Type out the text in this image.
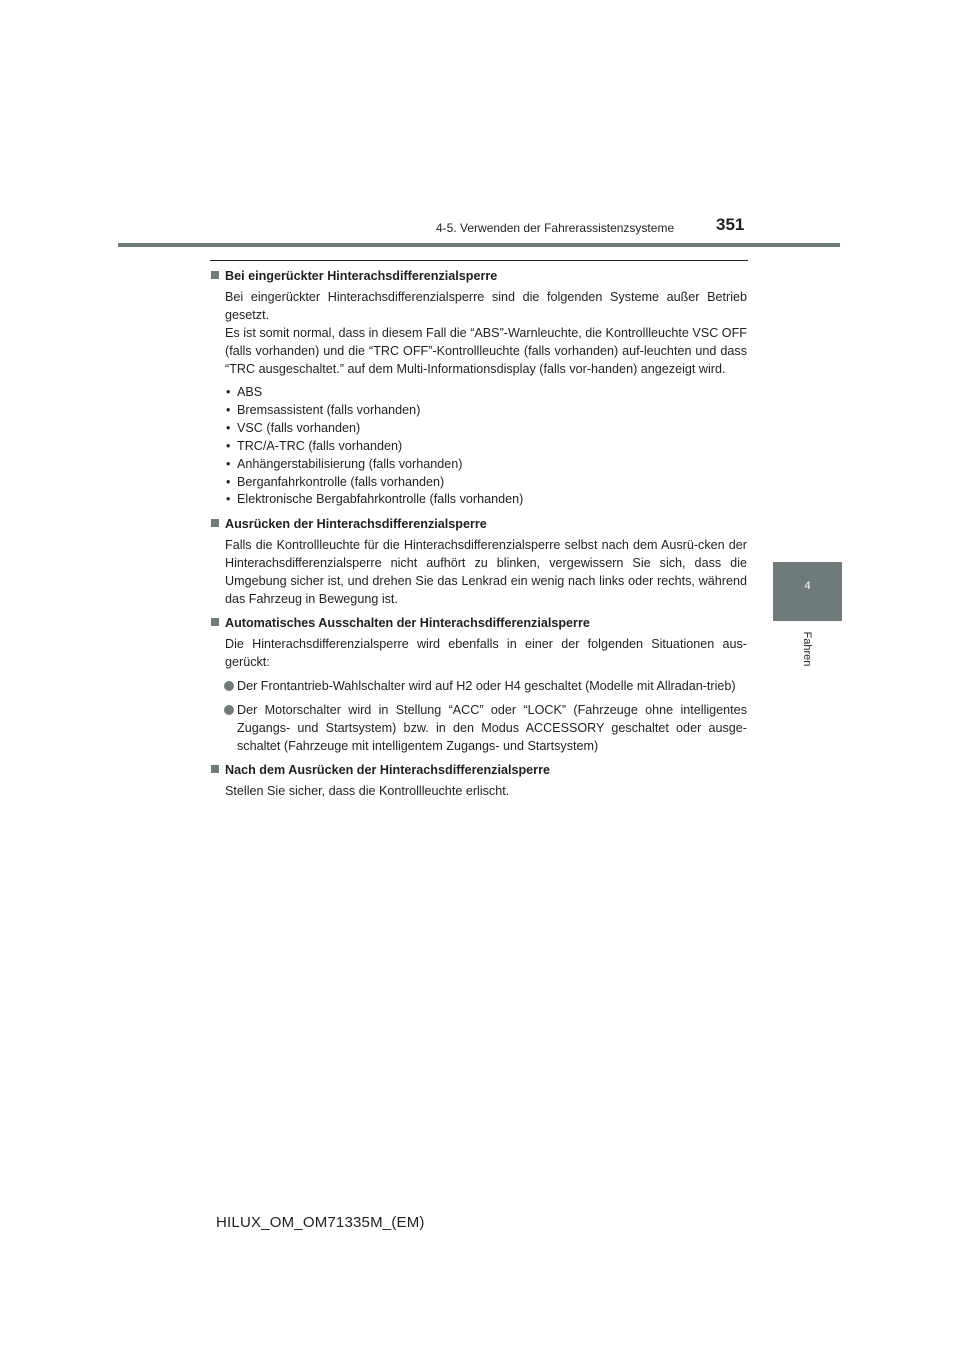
4-5. Verwenden der Fahrerassistenzsysteme 351
4
Fahren
Bei eingerückter Hinterachsdifferenzialsperre
Bei eingerückter Hinterachsdifferenzialsperre sind die folgenden Systeme außer Betrieb gesetzt.
Es ist somit normal, dass in diesem Fall die “ABS”-Warnleuchte, die Kontrollleuchte VSC OFF (falls vorhanden) und die “TRC OFF”-Kontrollleuchte (falls vorhanden) auf-leuchten und dass “TRC ausgeschaltet.” auf dem Multi-Informationsdisplay (falls vor-handen) angezeigt wird.
• ABS
• Bremsassistent (falls vorhanden)
• VSC (falls vorhanden)
• TRC/A-TRC (falls vorhanden)
• Anhängerstabilisierung (falls vorhanden)
• Berganfahrkontrolle (falls vorhanden)
• Elektronische Bergabfahrkontrolle (falls vorhanden)
Ausrücken der Hinterachsdifferenzialsperre
Falls die Kontrollleuchte für die Hinterachsdifferenzialsperre selbst nach dem Ausrü-cken der Hinterachsdifferenzialsperre nicht aufhört zu blinken, vergewissern Sie sich, dass die Umgebung sicher ist, und drehen Sie das Lenkrad ein wenig nach links oder rechts, während das Fahrzeug in Bewegung ist.
Automatisches Ausschalten der Hinterachsdifferenzialsperre
Die Hinterachsdifferenzialsperre wird ebenfalls in einer der folgenden Situationen aus-gerückt:
Der Frontantrieb-Wahlschalter wird auf H2 oder H4 geschaltet (Modelle mit Allradan-trieb)
Der Motorschalter wird in Stellung “ACC” oder “LOCK” (Fahrzeuge ohne intelligentes Zugangs- und Startsystem) bzw. in den Modus ACCESSORY geschaltet oder ausge-schaltet (Fahrzeuge mit intelligentem Zugangs- und Startsystem)
Nach dem Ausrücken der Hinterachsdifferenzialsperre
Stellen Sie sicher, dass die Kontrollleuchte erlischt.
HILUX_OM_OM71335M_(EM)
